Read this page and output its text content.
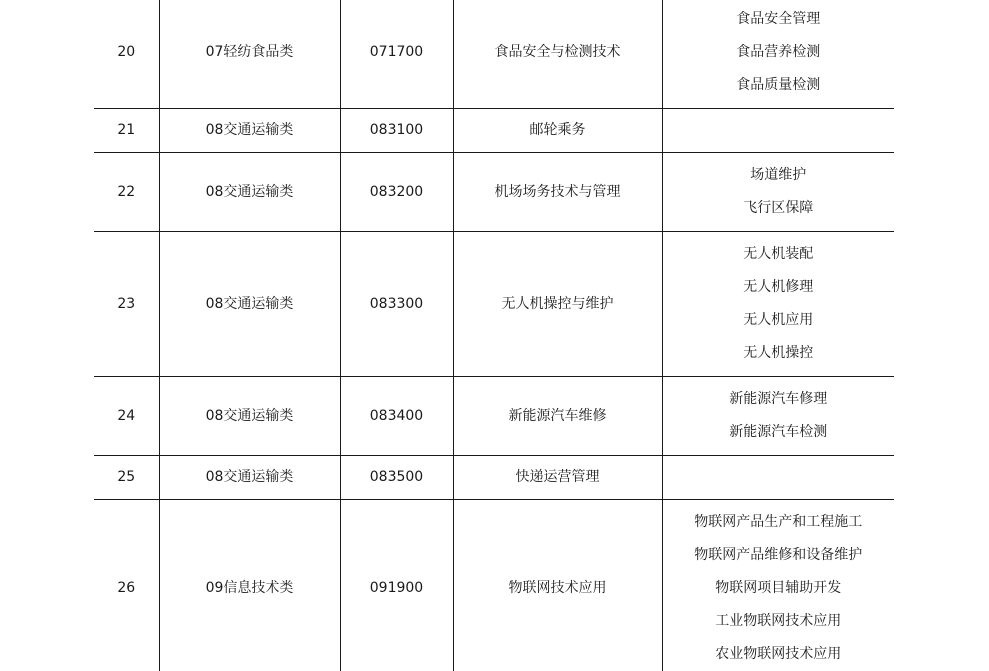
20	07轻纺食品类	071700	食品安全与检测技术	食品安全管理
食品营养检测
食品质量检测

21	08交通运输类	083100	邮轮乘务	
22	08交通运输类	083200	机场场务技术与管理	场道维护
飞行区保障

23	08交通运输类	083300	无人机操控与维护	无人机装配
无人机修理
无人机应用
无人机操控

24	08交通运输类	083400	新能源汽车维修	新能源汽车修理
新能源汽车检测

25	08交通运输类	083500	快递运营管理	
26	09信息技术类	091900	物联网技术应用	物联网产品生产和工程施工
物联网产品维修和设备维护
物联网项目辅助开发
工业物联网技术应用
农业物联网技术应用
